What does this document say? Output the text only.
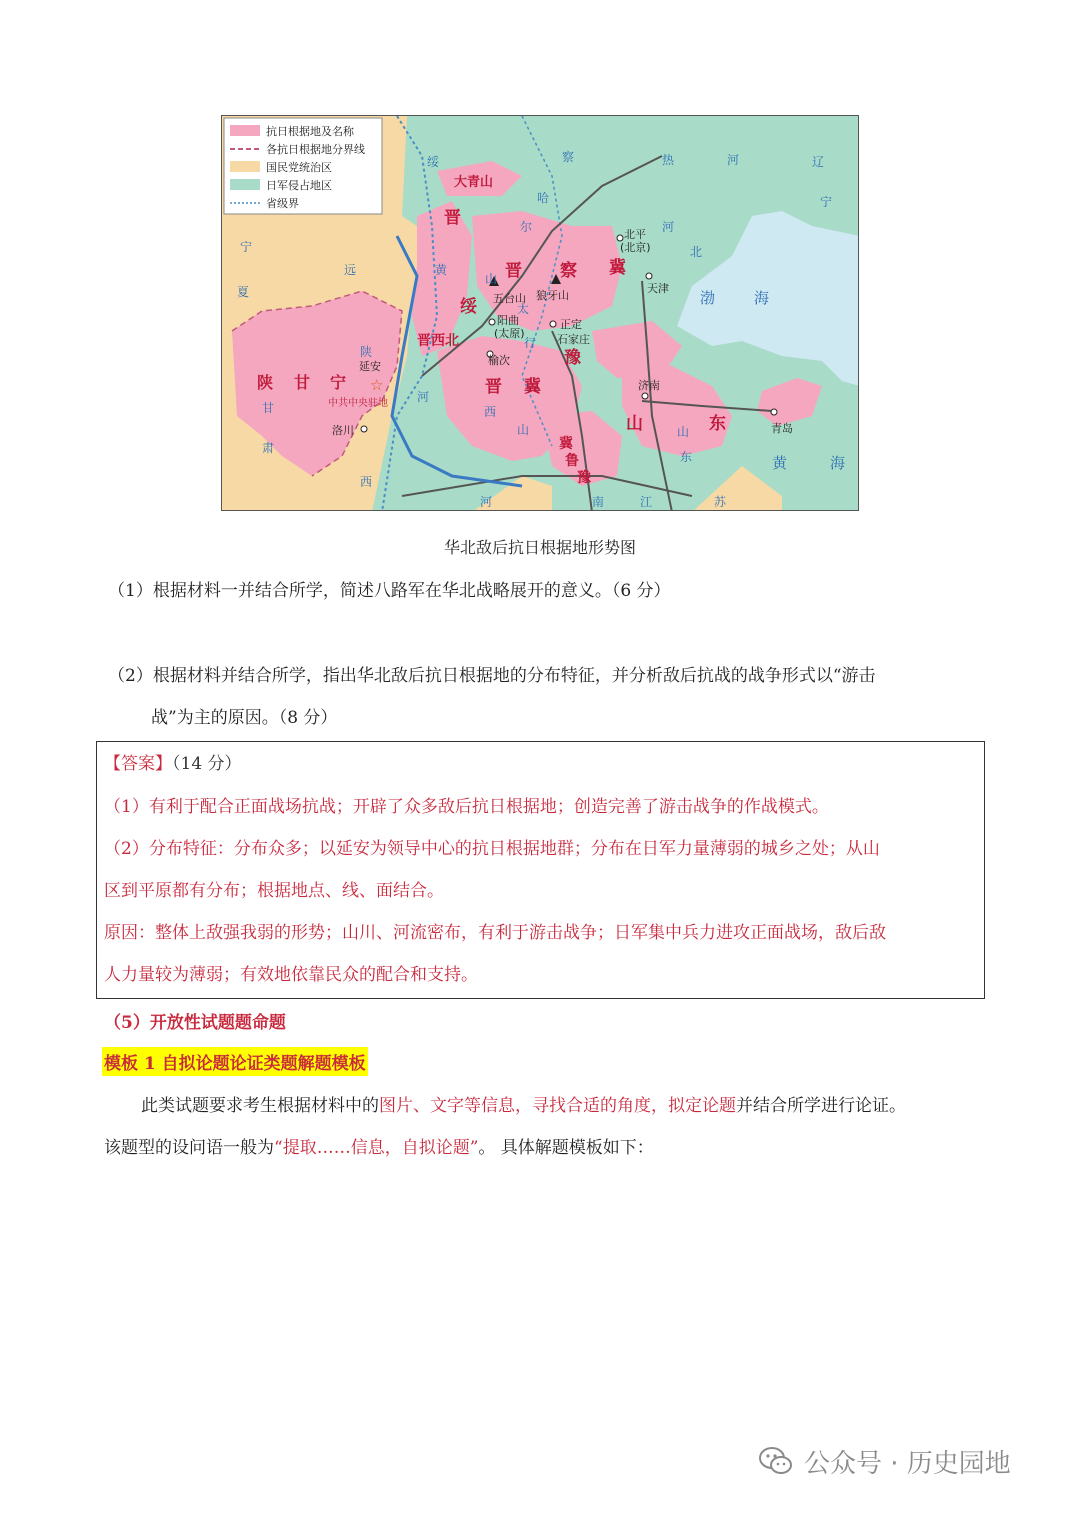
抗日根据地及名称
各抗日根据地分界线
国民党统治区
日军侵占地区
省级界
大青山
晋
绥
晋西北
晋 察 冀
陕 甘 宁	晋 冀
豫
冀
鲁
豫
山	东
北平
(北京)
天津
五台山 狼牙山
阳曲
(太原)
正定
石家庄
榆次
延安
☆
中共中央驻地
洛川
济南
青岛
绥
远
察
哈
尔
热	河	辽
宁
宁
夏
陕
西
河
北
甘
肃
河
西
山
河	南
山
东
江	苏
黄
山
太
行
渤	海
黄	海
华北敌后抗日根据地形势图
（1）根据材料一并结合所学，简述八路军在华北战略展开的意义。（6 分）
（2）根据材料并结合所学，指出华北敌后抗日根据地的分布特征，并分析敌后抗战的战争形式以“游击
战”为主的原因。（8 分）
【答案】（14 分）
（1）有利于配合正面战场抗战；开辟了众多敌后抗日根据地；创造完善了游击战争的作战模式。
（2）分布特征：分布众多；以延安为领导中心的抗日根据地群；分布在日军力量薄弱的城乡之处；从山
区到平原都有分布；根据地点、线、面结合。
原因：整体上敌强我弱的形势；山川、河流密布，有利于游击战争；日军集中兵力进攻正面战场，敌后敌
人力量较为薄弱；有效地依靠民众的配合和支持。
（5）开放性试题题命题
模板 1 自拟论题论证类题解题模板
此类试题要求考生根据材料中的图片、文字等信息，寻找合适的角度，拟定论题并结合所学进行论证。
该题型的设问语一般为“提取……信息，自拟论题”。 具体解题模板如下：
公众号 · 历史园地
